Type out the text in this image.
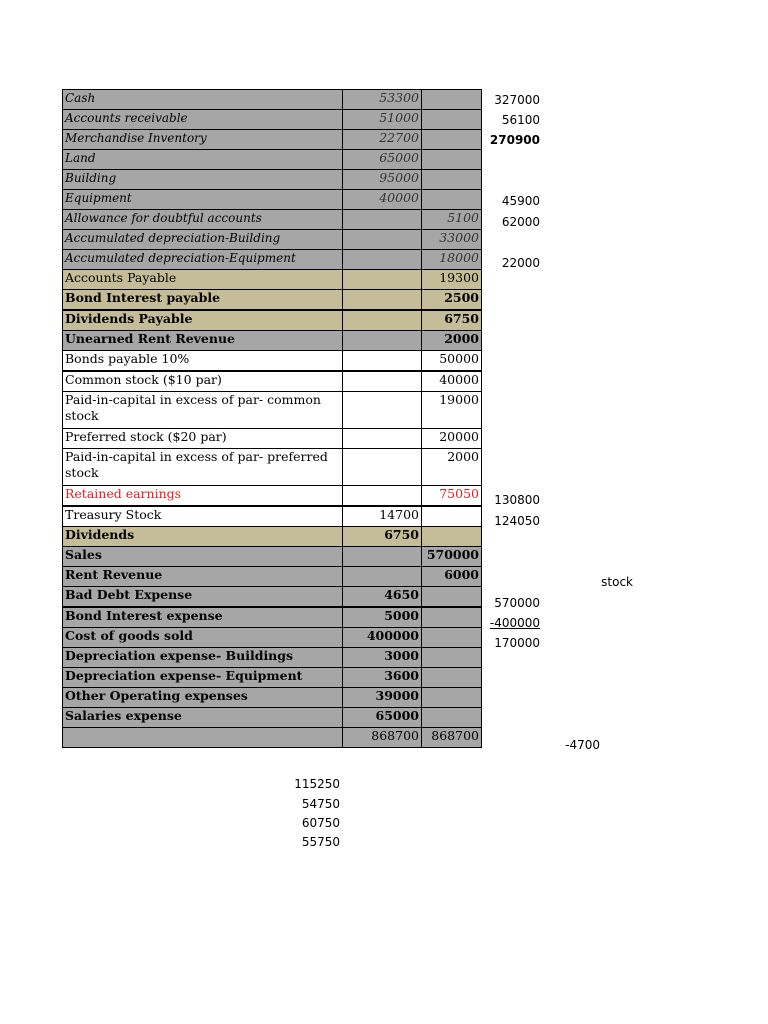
Cash	53300	
Accounts receivable	51000	
Merchandise Inventory	22700	
Land	65000	
Building	95000	
Equipment	40000	
Allowance for doubtful accounts		5100
Accumulated depreciation-Building		33000
Accumulated depreciation-Equipment		18000
Accounts Payable		19300
Bond Interest payable		2500
Dividends Payable		6750
Unearned Rent Revenue		2000
Bonds payable 10%		50000
Common stock ($10 par)		40000
Paid-in-capital in excess of par- common stock		19000
Preferred stock ($20 par)		20000
Paid-in-capital in excess of par- preferred stock		2000
Retained earnings		75050
Treasury Stock	14700	
Dividends	6750	
Sales		570000
Rent Revenue		6000
Bad Debt Expense	4650	
Bond Interest expense	5000	
Cost of goods sold	400000	
Depreciation expense- Buildings	3000	
Depreciation expense- Equipment	3600	
Other Operating expenses	39000	
Salaries expense	65000	
	868700	868700
327000
56100
270900
45900
62000
22000
130800
124050
stock
570000
-400000
170000
-4700
115250
54750
60750
55750
